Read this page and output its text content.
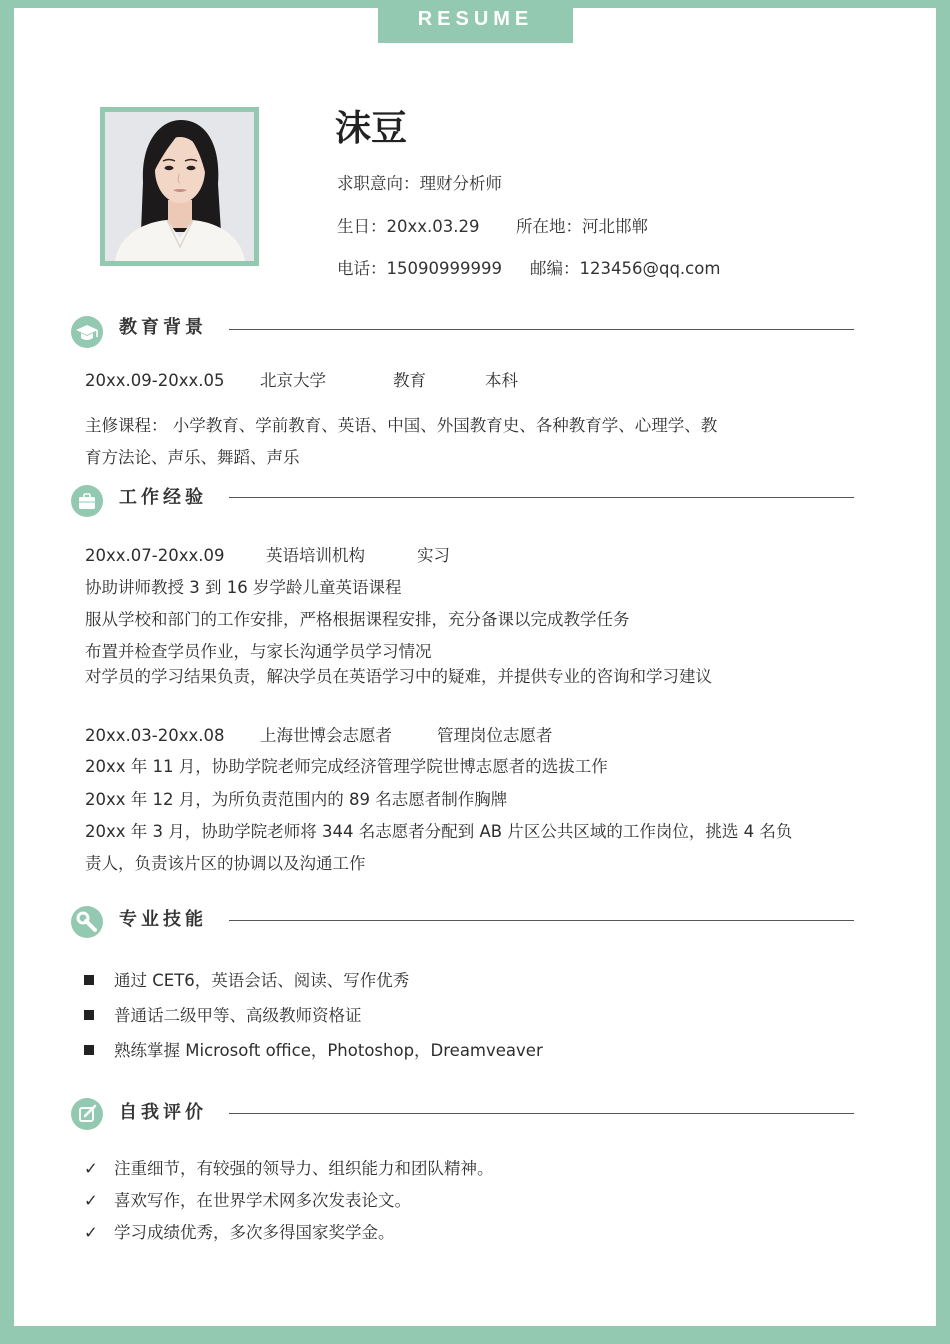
RESUME
沫豆
求职意向：理财分析师
生日：20xx.03.29 所在地：河北邯郸
电话：15090999999 邮编：123456@qq.com
教育背景
20xx.09-20xx.05 北京大学	教育	本科
主修课程： 小学教育、学前教育、英语、中国、外国教育史、各种教育学、心理学、教
育方法论、声乐、舞蹈、声乐
工作经验
20xx.07-20xx.09	英语培训机构	实习
协助讲师教授 3 到 16 岁学龄儿童英语课程
服从学校和部门的工作安排，严格根据课程安排，充分备课以完成教学任务
布置并检查学员作业，与家长沟通学员学习情况
对学员的学习结果负责，解决学员在英语学习中的疑难，并提供专业的咨询和学习建议
20xx.03-20xx.08 上海世博会志愿者	管理岗位志愿者
20xx 年 11 月，协助学院老师完成经济管理学院世博志愿者的选拔工作
20xx 年 12 月，为所负责范围内的 89 名志愿者制作胸牌
20xx 年 3 月，协助学院老师将 344 名志愿者分配到 AB 片区公共区域的工作岗位，挑选 4 名负
责人，负责该片区的协调以及沟通工作
专业技能
通过 CET6，英语会话、阅读、写作优秀
普通话二级甲等、高级教师资格证
熟练掌握 Microsoft office，Photoshop，Dreamveaver
自我评价
✓ 注重细节，有较强的领导力、组织能力和团队精神。
✓ 喜欢写作，在世界学术网多次发表论文。
✓ 学习成绩优秀，多次多得国家奖学金。
